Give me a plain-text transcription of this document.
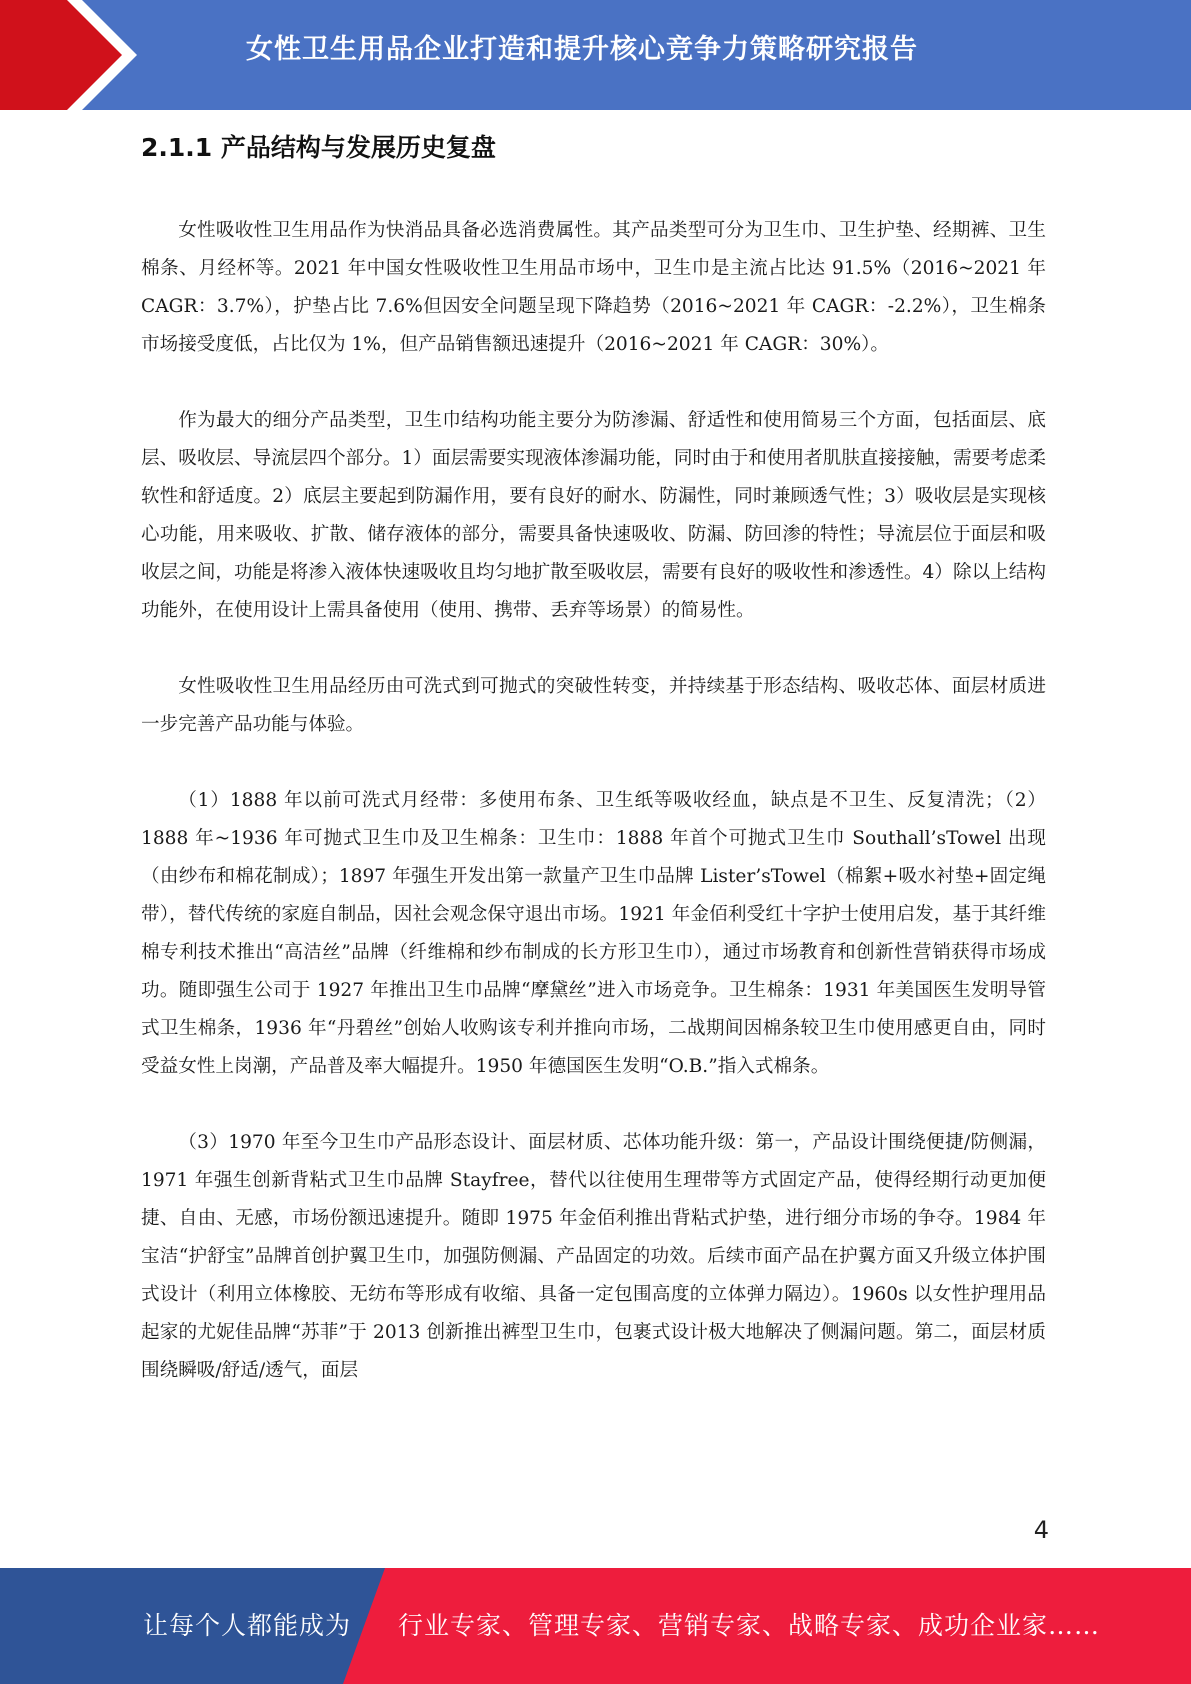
女性卫生用品企业打造和提升核心竞争力策略研究报告
2.1.1 产品结构与发展历史复盘

女性吸收性卫生用品作为快消品具备必选消费属性。其产品类型可分为卫生巾、卫生护垫、经期裤、卫生棉条、月经杯等。2021 年中国女性吸收性卫生用品市场中，卫生巾是主流占比达 91.5%（2016~2021 年 CAGR：3.7%），护垫占比 7.6%但因安全问题呈现下降趋势（2016~2021 年 CAGR：-2.2%），卫生棉条市场接受度低，占比仅为 1%，但产品销售额迅速提升（2016~2021 年 CAGR：30%）。

作为最大的细分产品类型，卫生巾结构功能主要分为防渗漏、舒适性和使用简易三个方面，包括面层、底层、吸收层、导流层四个部分。1）面层需要实现液体渗漏功能，同时由于和使用者肌肤直接接触，需要考虑柔软性和舒适度。2）底层主要起到防漏作用，要有良好的耐水、防漏性，同时兼顾透气性；3）吸收层是实现核心功能，用来吸收、扩散、储存液体的部分，需要具备快速吸收、防漏、防回渗的特性；导流层位于面层和吸收层之间，功能是将渗入液体快速吸收且均匀地扩散至吸收层，需要有良好的吸收性和渗透性。4）除以上结构功能外，在使用设计上需具备使用（使用、携带、丢弃等场景）的简易性。

女性吸收性卫生用品经历由可洗式到可抛式的突破性转变，并持续基于形态结构、吸收芯体、面层材质进一步完善产品功能与体验。

（1）1888 年以前可洗式月经带：多使用布条、卫生纸等吸收经血，缺点是不卫生、反复清洗；（2）1888 年~1936 年可抛式卫生巾及卫生棉条：卫生巾：1888 年首个可抛式卫生巾 Southall’sTowel 出现（由纱布和棉花制成）；1897 年强生开发出第一款量产卫生巾品牌 Lister’sTowel（棉絮+吸水衬垫+固定绳带），替代传统的家庭自制品，因社会观念保守退出市场。1921 年金佰利受红十字护士使用启发，基于其纤维棉专利技术推出“高洁丝”品牌（纤维棉和纱布制成的长方形卫生巾），通过市场教育和创新性营销获得市场成功。随即强生公司于 1927 年推出卫生巾品牌“摩黛丝”进入市场竞争。卫生棉条：1931 年美国医生发明导管式卫生棉条，1936 年“丹碧丝”创始人收购该专利并推向市场，二战期间因棉条较卫生巾使用感更自由，同时受益女性上岗潮，产品普及率大幅提升。1950 年德国医生发明“O.B.”指入式棉条。

（3）1970 年至今卫生巾产品形态设计、面层材质、芯体功能升级：第一，产品设计围绕便捷/防侧漏，1971 年强生创新背粘式卫生巾品牌 Stayfree，替代以往使用生理带等方式固定产品，使得经期行动更加便捷、自由、无感，市场份额迅速提升。随即 1975 年金佰利推出背粘式护垫，进行细分市场的争夺。1984 年宝洁“护舒宝”品牌首创护翼卫生巾，加强防侧漏、产品固定的功效。后续市面产品在护翼方面又升级立体护围式设计（利用立体橡胶、无纺布等形成有收缩、具备一定包围高度的立体弹力隔边）。1960s 以女性护理用品起家的尤妮佳品牌“苏菲”于 2013 创新推出裤型卫生巾，包裹式设计极大地解决了侧漏问题。第二，面层材质围绕瞬吸/舒适/透气，面层

4
让每个人都能成为 行业专家、管理专家、营销专家、战略专家、成功企业家……
